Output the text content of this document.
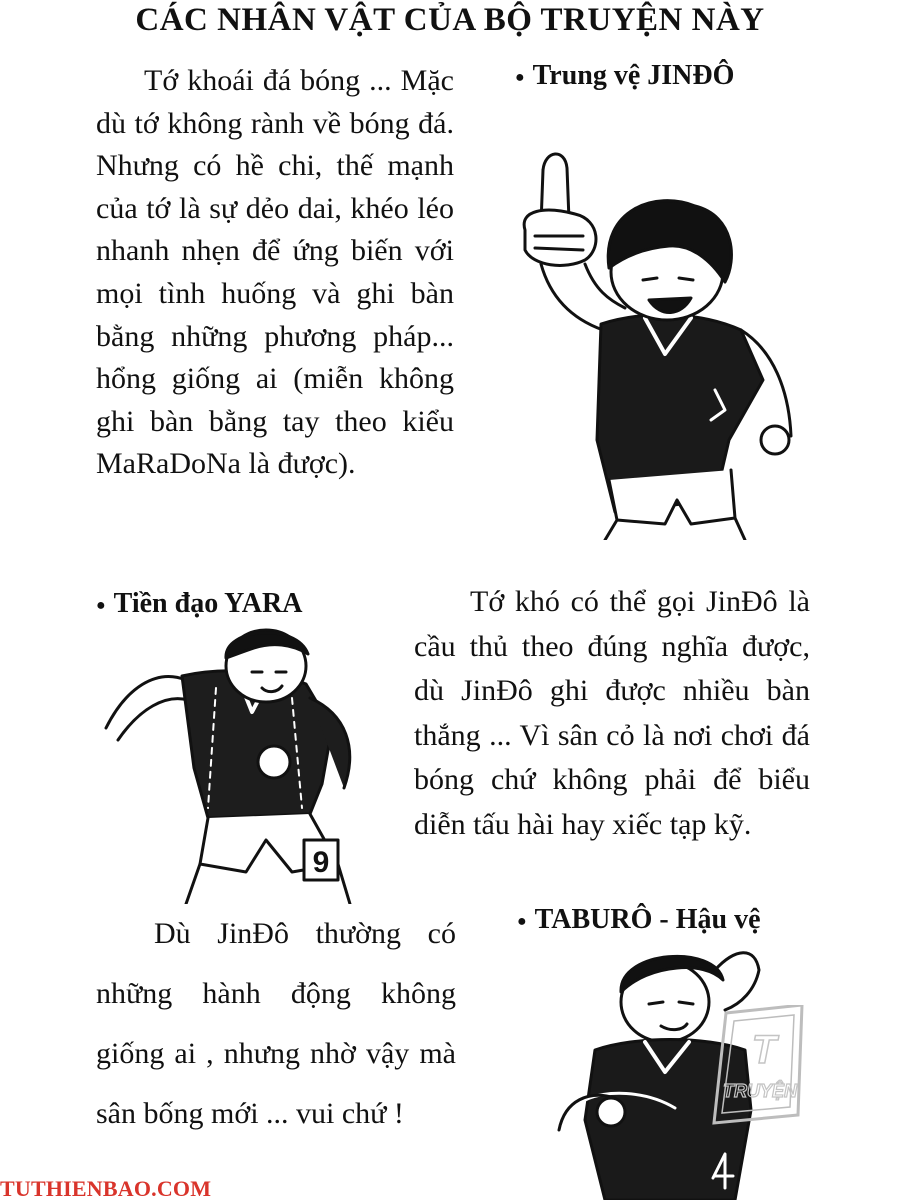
CÁC NHÂN VẬT CỦA BỘ TRUYỆN NÀY

Tớ khoái đá bóng ... Mặc dù tớ không rành về bóng đá. Nhưng có hề chi, thế mạnh của tớ là sự dẻo dai, khéo léo nhanh nhẹn để ứng biến với mọi tình huống và ghi bàn bằng những phương pháp... hổng giống ai (miễn không ghi bàn bằng tay theo kiểu MaRaDoNa là được).

● Trung vệ JINĐÔ
● Tiền đạo YARA
9

Tớ khó có thể gọi JinĐô là cầu thủ theo đúng nghĩa được, dù JinĐô ghi được nhiều bàn thắng ... Vì sân cỏ là nơi chơi đá bóng chứ không phải để biểu diễn tấu hài hay xiếc tạp kỹ.

Dù JinĐô thường có những hành động không giống ai , nhưng nhờ vậy mà sân bống mới ... vui chứ !

● TABURÔ - Hậu vệ
T
TRUYỆN
TUTHIENBAO.COM
